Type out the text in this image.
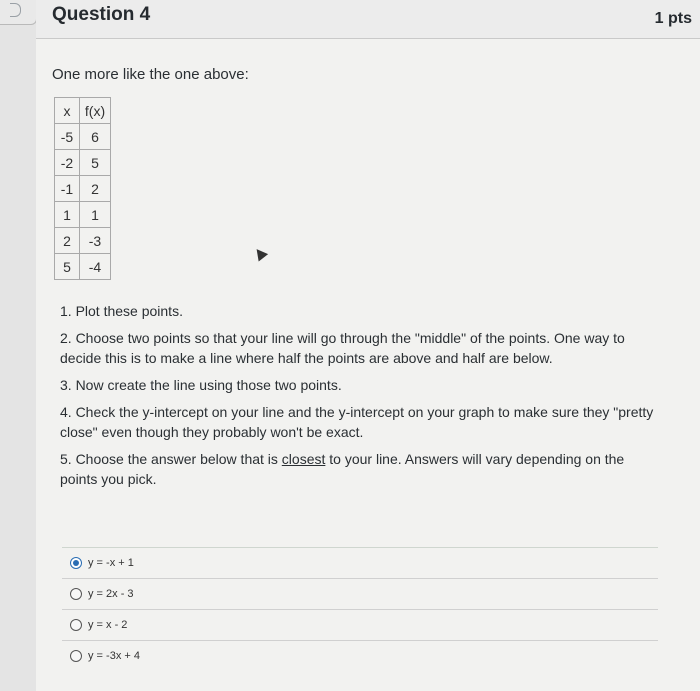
Question 4	1 pts
One more like the one above:
x	f(x)
-5	6
-2	5
-1	2
1	1
2	-3
5	-4

1. Plot these points.

2. Choose two points so that your line will go through the "middle" of the points. One way to decide this is to make a line where half the points are above and half are below.

3. Now create the line using those two points.

4. Check the y-intercept on your line and the y-intercept on your graph to make sure they "pretty close" even though they probably won't be exact.

5. Choose the answer below that is closest to your line. Answers will vary depending on the points you pick.

y = -x + 1
y = 2x - 3
y = x - 2
y = -3x + 4
